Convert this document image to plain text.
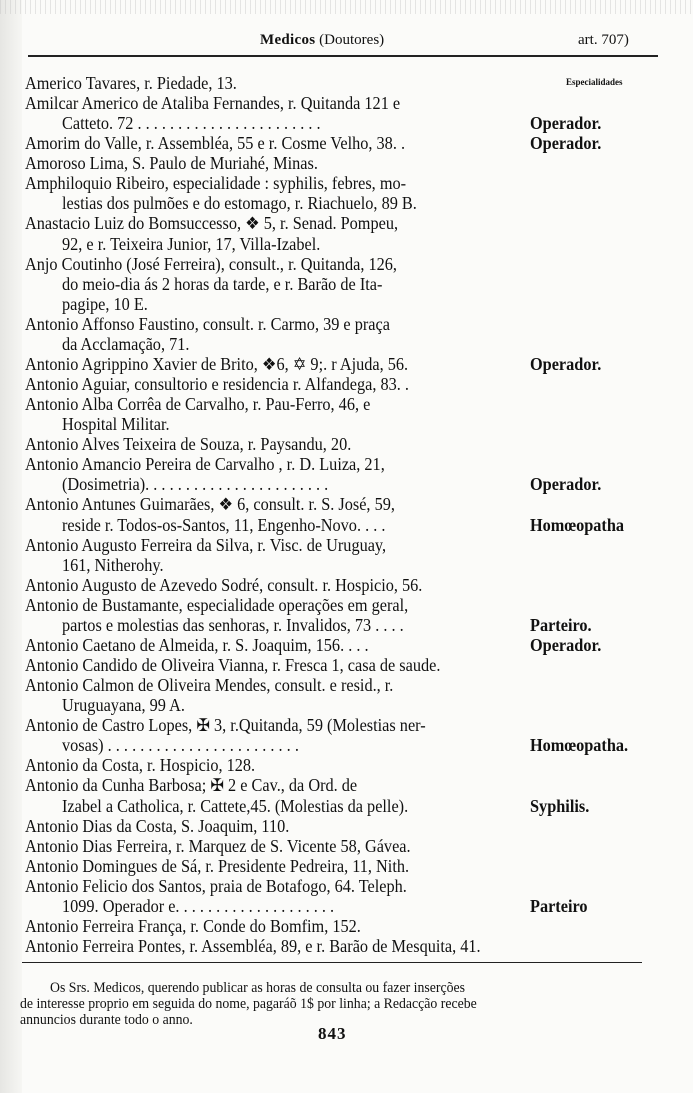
Medicos (Doutores)	art. 707)
Especialidades
Americo Tavares, r. Piedade, 13.
Amilcar Americo de Ataliba Fernandes, r. Quitanda 121 e
Catteto. 72 . . . . . . . . . . . . . . . . . . . . . . .	Operador.
Amorim do Valle, r. Assembléa, 55 e r. Cosme Velho, 38. .	Operador.
Amoroso Lima, S. Paulo de Muriahé, Minas.
Amphiloquio Ribeiro, especialidade : syphilis, febres, mo-
lestias dos pulmões e do estomago, r. Riachuelo, 89 B.
Anastacio Luiz do Bomsuccesso, ❖ 5, r. Senad. Pompeu,
92, e r. Teixeira Junior, 17, Villa-Izabel.
Anjo Coutinho (José Ferreira), consult., r. Quitanda, 126,
do meio-dia ás 2 horas da tarde, e r. Barão de Ita-
pagipe, 10 E.
Antonio Affonso Faustino, consult. r. Carmo, 39 e praça
da Acclamação, 71.
Antonio Agrippino Xavier de Brito, ❖6, ✡ 9;. r Ajuda, 56.	Operador.
Antonio Aguiar, consultorio e residencia r. Alfandega, 83. .
Antonio Alba Corrêa de Carvalho, r. Pau-Ferro, 46, e
Hospital Militar.
Antonio Alves Teixeira de Souza, r. Paysandu, 20.
Antonio Amancio Pereira de Carvalho , r. D. Luiza, 21,
(Dosimetria). . . . . . . . . . . . . . . . . . . . . . .	Operador.
Antonio Antunes Guimarães, ❖ 6, consult. r. S. José, 59,
reside r. Todos-os-Santos, 11, Engenho-Novo. . . .	Homœopatha
Antonio Augusto Ferreira da Silva, r. Visc. de Uruguay,
161, Nitherohy.
Antonio Augusto de Azevedo Sodré, consult. r. Hospicio, 56.
Antonio de Bustamante, especialidade operações em geral,
partos e molestias das senhoras, r. Invalidos, 73 . . . .	Parteiro.
Antonio Caetano de Almeida, r. S. Joaquim, 156. . . .	Operador.
Antonio Candido de Oliveira Vianna, r. Fresca 1, casa de saude.
Antonio Calmon de Oliveira Mendes, consult. e resid., r.
Uruguayana, 99 A.
Antonio de Castro Lopes, ✠ 3, r.Quitanda, 59 (Molestias ner-
vosas) . . . . . . . . . . . . . . . . . . . . . . . .	Homœopatha.
Antonio da Costa, r. Hospicio, 128.
Antonio da Cunha Barbosa; ✠ 2 e Cav., da Ord. de
Izabel a Catholica, r. Cattete,45. (Molestias da pelle).	Syphilis.
Antonio Dias da Costa, S. Joaquim, 110.
Antonio Dias Ferreira, r. Marquez de S. Vicente 58, Gávea.
Antonio Domingues de Sá, r. Presidente Pedreira, 11, Nith.
Antonio Felicio dos Santos, praia de Botafogo, 64. Teleph.
1099. Operador e. . . . . . . . . . . . . . . . . . . .	Parteiro
Antonio Ferreira França, r. Conde do Bomfim, 152.
Antonio Ferreira Pontes, r. Assembléa, 89, e r. Barão de Mesquita, 41.
Os Srs. Medicos, querendo publicar as horas de consulta ou fazer inserções
de interesse proprio em seguida do nome, pagaráõ 1$ por linha; a Redacção recebe
annuncios durante todo o anno.
843
